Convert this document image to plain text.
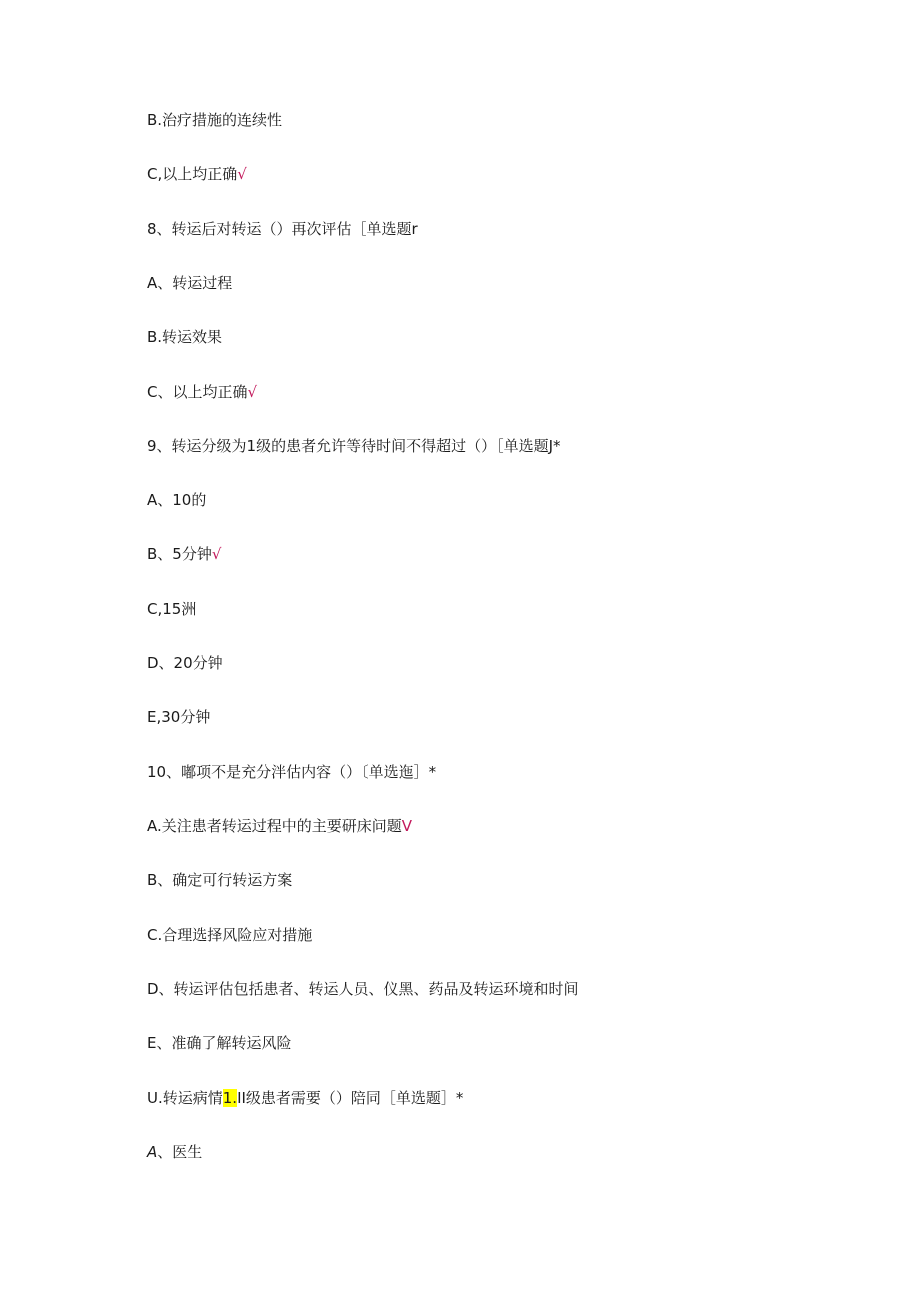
B.治疗措施的连续性
C,以上均正确√
8、转运后对转运（）再次评估［单选题r
A、转运过程
B.转运效果
C、以上均正确√
9、转运分级为1级的患者允许等待时间不得超过（）［单选题J*
A、10的
B、5分钟√
C,15洲
D、20分钟
E,30分钟
10、嘟项不是充分泮估内容（）〔单选迤］*
A.关注患者转运过程中的主要研床问题V
B、确定可行转运方案
C.合理选择风险应对措施
D、转运评估包括患者、转运人员、仪黑、药品及转运环境和时间
E、准确了解转运风险
U.转运病情1.II级患者需要（）陪同［单选题］*
A、医生
